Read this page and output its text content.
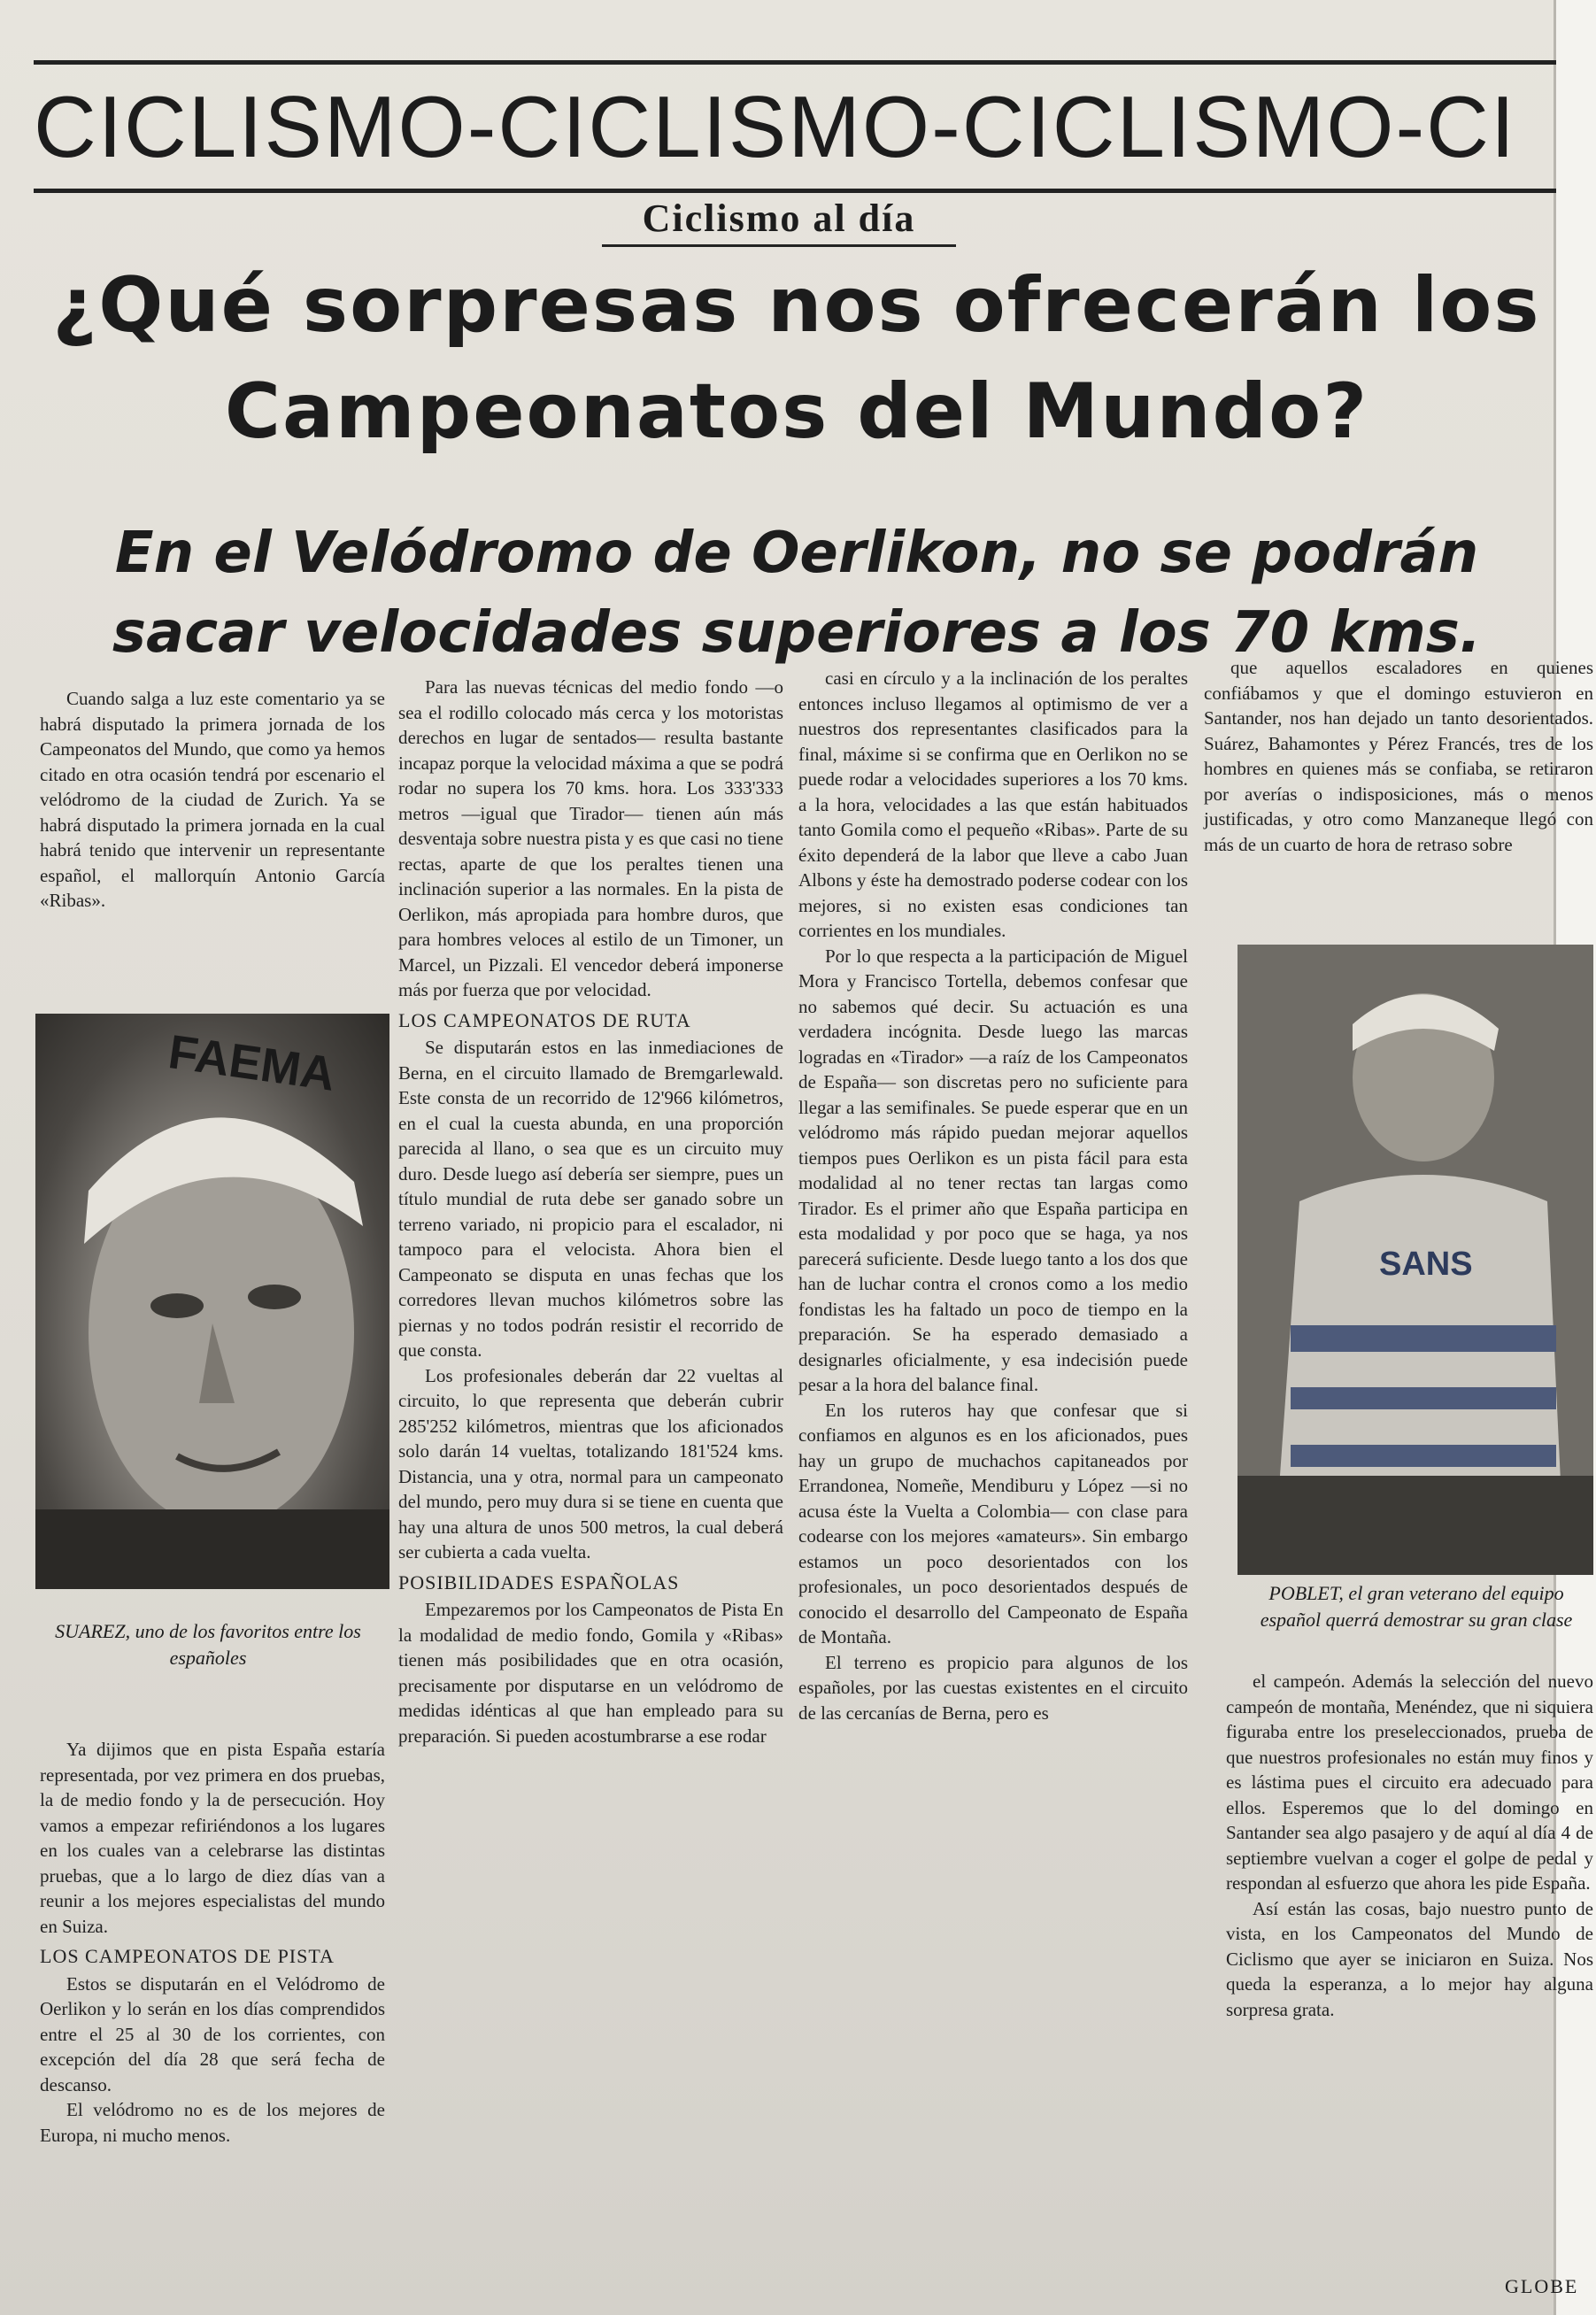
CICLISMO-CICLISMO-CICLISMO-CI
Ciclismo al día
¿Qué sorpresas nos ofrecerán los
Campeonatos del Mundo?
En el Velódromo de Oerlikon, no se podrán
sacar velocidades superiores a los 70 kms.

Cuando salga a luz este comentario ya se habrá disputado la primera jornada de los Campeonatos del Mundo, que como ya hemos citado en otra ocasión tendrá por escenario el velódromo de la ciudad de Zurich. Ya se habrá disputado la primera jornada en la cual habrá tenido que intervenir un representante español, el mallorquín Antonio García «Ribas».

FAEMA
SUAREZ, uno de los favoritos entre los españoles

Ya dijimos que en pista España estaría representada, por vez primera en dos pruebas, la de medio fondo y la de persecución. Hoy vamos a empezar refiriéndonos a los lugares en los cuales van a celebrarse las distintas pruebas, que a lo largo de diez días van a reunir a los mejores especialistas del mundo en Suiza.

LOS CAMPEONATOS DE PISTA

Estos se disputarán en el Velódromo de Oerlikon y lo serán en los días comprendidos entre el 25 al 30 de los corrientes, con excepción del día 28 que será fecha de descanso.

El velódromo no es de los mejores de Europa, ni mucho menos.

Para las nuevas técnicas del medio fondo —o sea el rodillo colocado más cerca y los motoristas derechos en lugar de sentados— resulta bastante incapaz porque la velocidad máxima a que se podrá rodar no supera los 70 kms. hora. Los 333'333 metros —igual que Tirador— tienen aún más desventaja sobre nuestra pista y es que casi no tiene rectas, aparte de que los peraltes tienen una inclinación superior a las normales. En la pista de Oerlikon, más apropiada para hombre duros, que para hombres veloces al estilo de un Timoner, un Marcel, un Pizzali. El vencedor deberá imponerse más por fuerza que por velocidad.

LOS CAMPEONATOS DE RUTA

Se disputarán estos en las inmediaciones de Berna, en el circuito llamado de Bremgarlewald. Este consta de un recorrido de 12'966 kilómetros, en el cual la cuesta abunda, en una proporción parecida al llano, o sea que es un circuito muy duro. Desde luego así debería ser siempre, pues un título mundial de ruta debe ser ganado sobre un terreno variado, ni propicio para el escalador, ni tampoco para el velocista. Ahora bien el Campeonato se disputa en unas fechas que los corredores llevan muchos kilómetros sobre las piernas y no todos podrán resistir el recorrido de que consta.

Los profesionales deberán dar 22 vueltas al circuito, lo que representa que deberán cubrir 285'252 kilómetros, mientras que los aficionados solo darán 14 vueltas, totalizando 181'524 kms. Distancia, una y otra, normal para un campeonato del mundo, pero muy dura si se tiene en cuenta que hay una altura de unos 500 metros, la cual deberá ser cubierta a cada vuelta.

POSIBILIDADES ESPAÑOLAS

Empezaremos por los Campeonatos de Pista En la modalidad de medio fondo, Gomila y «Ribas» tienen más posibilidades que en otra ocasión, precisamente por disputarse en un velódromo de medidas idénticas al que han empleado para su preparación. Si pueden acostumbrarse a ese rodar

casi en círculo y a la inclinación de los peraltes entonces incluso llegamos al optimismo de ver a nuestros dos representantes clasificados para la final, máxime si se confirma que en Oerlikon no se puede rodar a velocidades superiores a los 70 kms. a la hora, velocidades a las que están habituados tanto Gomila como el pequeño «Ribas». Parte de su éxito dependerá de la labor que lleve a cabo Juan Albons y éste ha demostrado poderse codear con los mejores, si no existen esas condiciones tan corrientes en los mundiales.

Por lo que respecta a la participación de Miguel Mora y Francisco Tortella, debemos confesar que no sabemos qué decir. Su actuación es una verdadera incógnita. Desde luego las marcas logradas en «Tirador» —a raíz de los Campeonatos de España— son discretas pero no suficiente para llegar a las semifinales. Se puede esperar que en un velódromo más rápido puedan mejorar aquellos tiempos pues Oerlikon es un pista fácil para esta modalidad al no tener rectas tan largas como Tirador. Es el primer año que España participa en esta modalidad y por poco que se haga, ya nos parecerá suficiente. Desde luego tanto a los dos que han de luchar contra el cronos como a los medio fondistas les ha faltado un poco de tiempo en la preparación. Se ha esperado demasiado a designarles oficialmente, y esa indecisión puede pesar a la hora del balance final.

En los ruteros hay que confesar que si confiamos en algunos es en los aficionados, pues hay un grupo de muchachos capitaneados por Errandonea, Nomeñe, Mendiburu y López —si no acusa éste la Vuelta a Colombia— con clase para codearse con los mejores «amateurs». Sin embargo estamos un poco desorientados con los profesionales, un poco desorientados después de conocido el desarrollo del Campeonato de España de Montaña.

El terreno es propicio para algunos de los españoles, por las cuestas existentes en el circuito de las cercanías de Berna, pero es

que aquellos escaladores en quienes confiábamos y que el domingo estuvieron en Santander, nos han dejado un tanto desorientados. Suárez, Bahamontes y Pérez Francés, tres de los hombres en quienes más se confiaba, se retiraron por averías o indisposiciones, más o menos justificadas, y otro como Manzaneque llegó con más de un cuarto de hora de retraso sobre

SANS
POBLET, el gran veterano del equipo español querrá demostrar su gran clase

el campeón. Además la selección del nuevo campeón de montaña, Menéndez, que ni siquiera figuraba entre los preseleccionados, prueba de que nuestros profesionales no están muy finos y es lástima pues el circuito era adecuado para ellos. Esperemos que lo del domingo en Santander sea algo pasajero y de aquí al día 4 de septiembre vuelvan a coger el golpe de pedal y respondan al esfuerzo que ahora les pide España.

Así están las cosas, bajo nuestro punto de vista, en los Campeonatos del Mundo de Ciclismo que ayer se iniciaron en Suiza. Nos queda la esperanza, a lo mejor hay alguna sorpresa grata.

GLOBE
